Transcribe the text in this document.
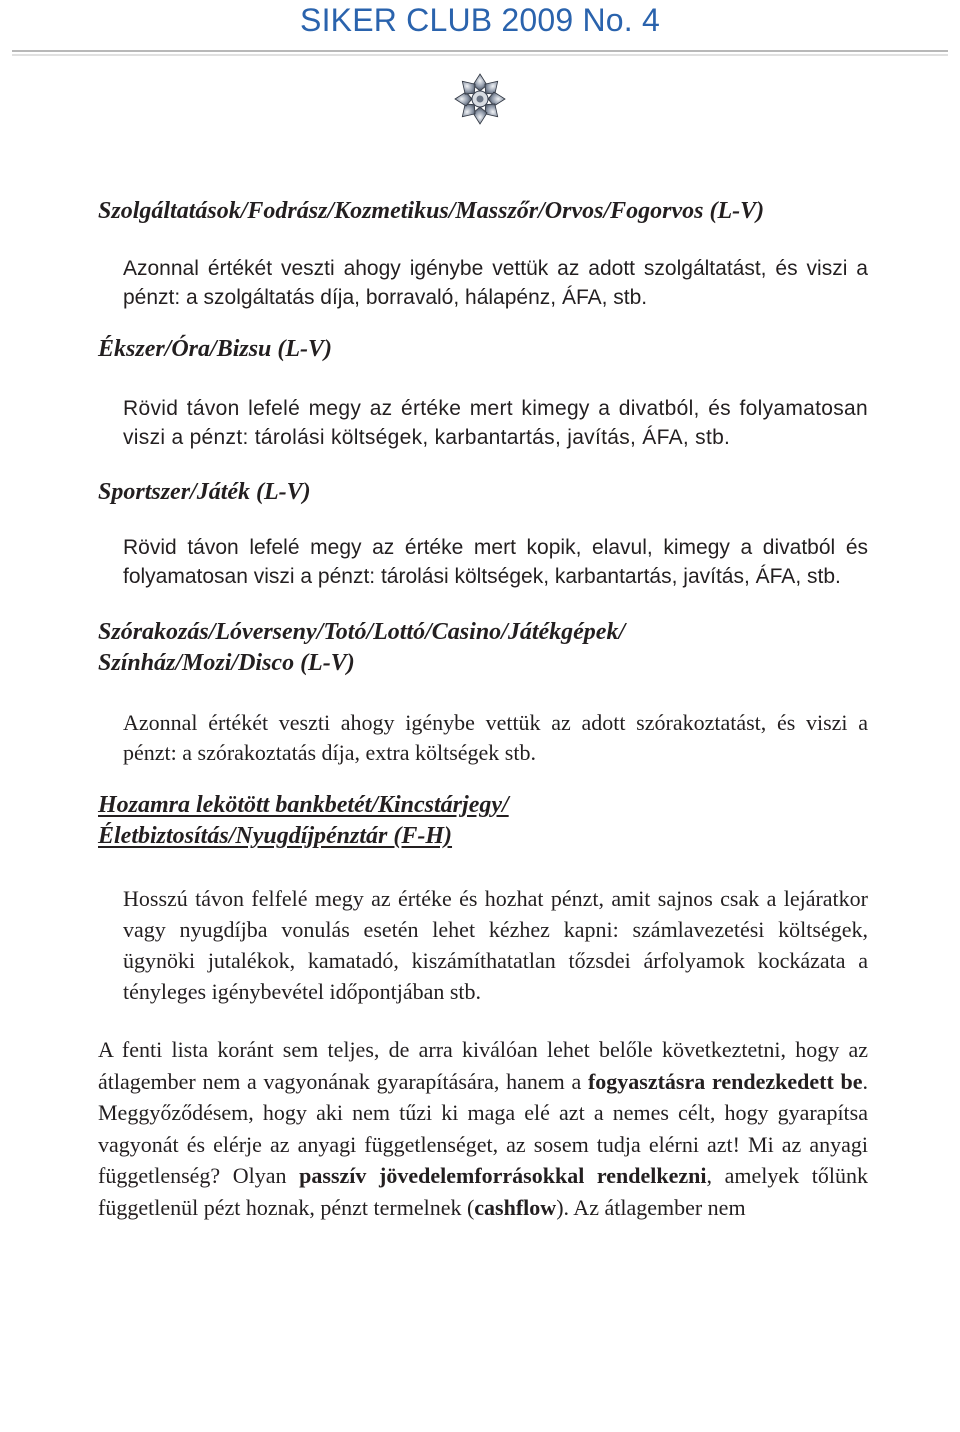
SIKER CLUB 2009 No. 4
Szolgáltatások/Fodrász/Kozmetikus/Masszőr/Orvos/Fogorvos (L-V)

Azonnal értékét veszti ahogy igénybe vettük az adott szolgáltatást, és viszi a pénzt: a szolgáltatás díja, borravaló, hálapénz, ÁFA, stb.

Ékszer/Óra/Bizsu (L-V)

Rövid távon lefelé megy az értéke mert kimegy a divatból, és folyamatosan viszi a pénzt: tárolási költségek, karbantartás, javítás, ÁFA, stb.

Sportszer/Játék (L-V)

Rövid távon lefelé megy az értéke mert kopik, elavul, kimegy a divatból és folyamatosan viszi a pénzt: tárolási költségek, karbantartás, javítás, ÁFA, stb.

Szórakozás/Lóverseny/Totó/Lottó/Casino/Játékgépek/
Színház/Mozi/Disco (L-V)

Azonnal értékét veszti ahogy igénybe vettük az adott szórakoztatást, és viszi a pénzt: a szórakoztatás díja, extra költségek stb.

Hozamra lekötött bankbetét/Kincstárjegy/
Életbiztosítás/Nyugdíjpénztár (F-H)

Hosszú távon felfelé megy az értéke és hozhat pénzt, amit sajnos csak a lejáratkor vagy nyugdíjba vonulás esetén lehet kézhez kapni: számlavezetési költségek, ügynöki jutalékok, kamatadó, kiszámíthatatlan tőzsdei árfolyamok kockázata a tényleges igénybevétel időpontjában stb.

A fenti lista koránt sem teljes, de arra kiválóan lehet belőle következtetni, hogy az átlagember nem a vagyonának gyarapítására, hanem a fogyasztásra rendezkedett be. Meggyőződésem, hogy aki nem tűzi ki maga elé azt a nemes célt, hogy gyarapítsa vagyonát és elérje az anyagi függetlenséget, az sosem tudja elérni azt! Mi az anyagi függetlenség? Olyan passzív jövedelemforrásokkal rendelkezni, amelyek tőlünk függetlenül pézt hoznak, pénzt termelnek (cashflow). Az átlagember nem
